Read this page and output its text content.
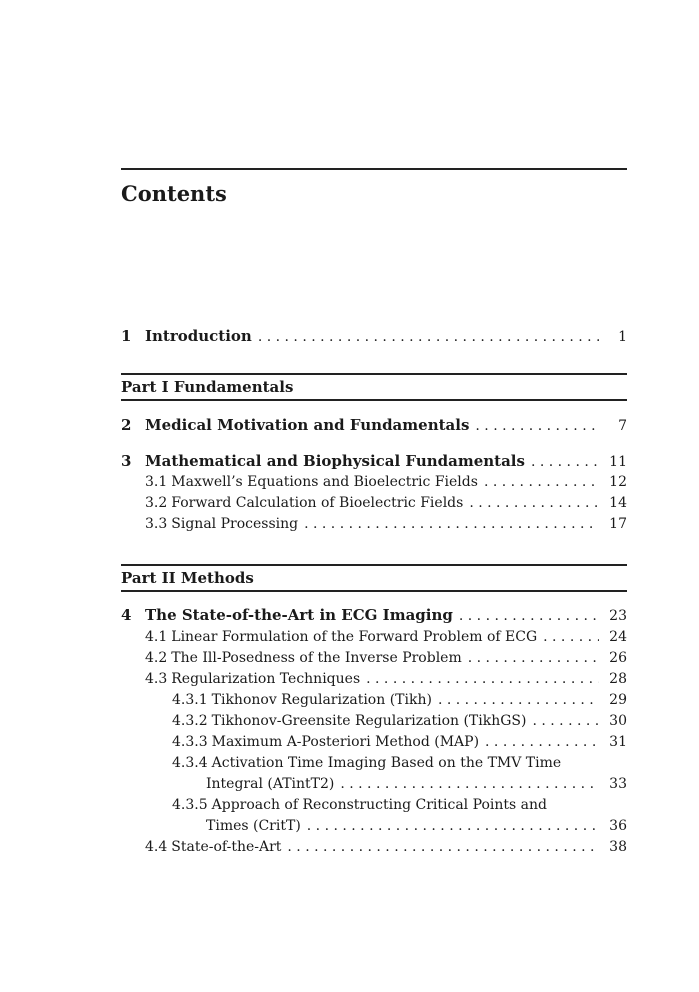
Contents
1 Introduction . . .	1
Part I Fundamentals
2 Medical Motivation and Fundamentals . . .	7
3 Mathematical and Biophysical Fundamentals . . .	11
3.1 Maxwell’s Equations and Bioelectric Fields . . .	12
3.2 Forward Calculation of Bioelectric Fields . . .	14
3.3 Signal Processing . . .	17
Part II Methods
4 The State-of-the-Art in ECG Imaging . . .	23
4.1 Linear Formulation of the Forward Problem of ECG . . .	24
4.2 The Ill-Posedness of the Inverse Problem . . .	26
4.3 Regularization Techniques . . .	28
4.3.1 Tikhonov Regularization (Tikh) . . .	29
4.3.2 Tikhonov-Greensite Regularization (TikhGS) . . .	30
4.3.3 Maximum A-Posteriori Method (MAP) . . .	31
4.3.4 Activation Time Imaging Based on the TMV Time
Integral (ATintT2) . . .	33
4.3.5 Approach of Reconstructing Critical Points and
Times (CritT) . . .	36
4.4 State-of-the-Art . . .	38
